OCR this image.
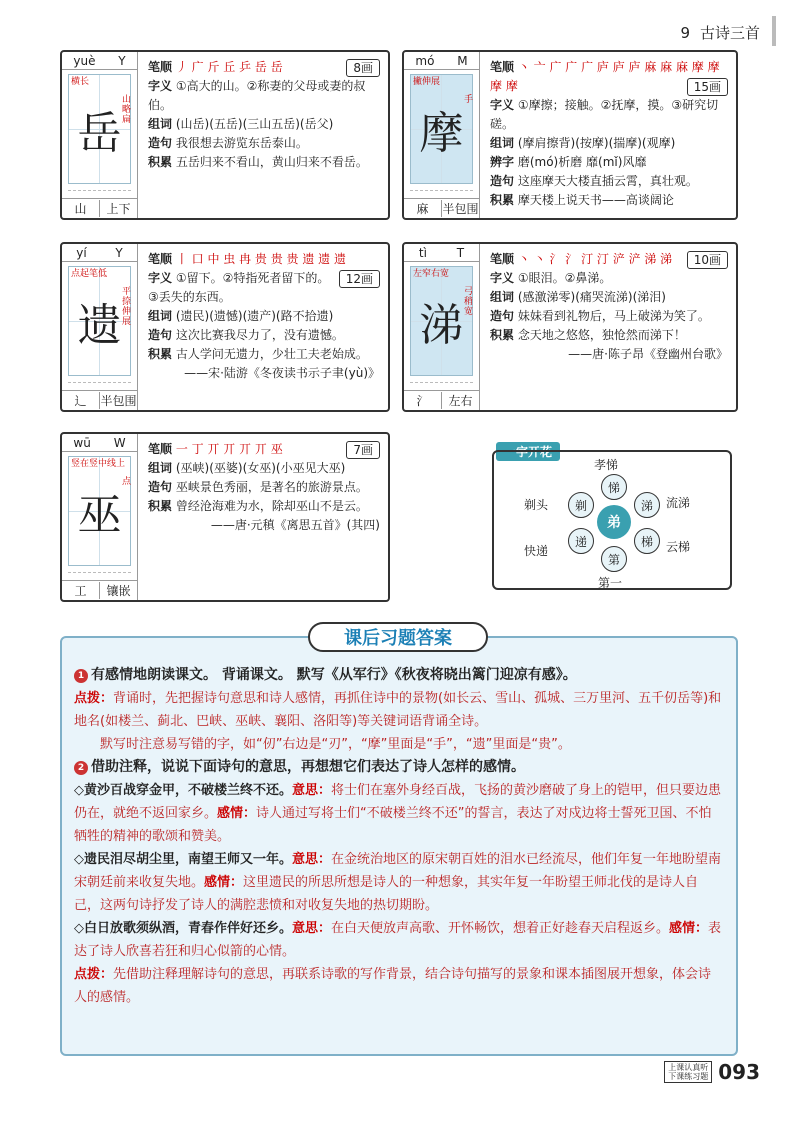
9 古诗三首
yuè Y
岳
山略扁
横长
山	上下
笔顺 丿 广 斤 丘 乒 岳 岳	8画
字义 ①高大的山。②称妻的父母或妻的叔伯。
组词 (山岳)(五岳)(三山五岳)(岳父)
造句 我很想去游览东岳泰山。
积累 五岳归来不看山，黄山归来不看岳。
mó M
摩
手
撇伸展
麻	半包围
笔顺 丶 亠 广 广 广 庐 庐 庐 麻 麻 麻 摩 摩 摩 摩	15画
字义 ①摩擦；接触。②抚摩，摸。③研究切磋。
组词 (摩肩擦背)(按摩)(揣摩)(观摩)
辨字 磨(mó)析磨 靡(mǐ)风靡
造句 这座摩天大楼直插云霄，真壮观。
积累 摩天楼上说天书——高谈阔论
yí Y
遗
平捺伸展
点起笔低
辶	半包围
笔顺 丨 口 中 虫 冉 贵 贵 贵 遗 遗 遗
12画
字义 ①留下。②特指死者留下的。③丢失的东西。
组词 (遗民)(遗憾)(遗产)(路不拾遗)
造句 这次比赛我尽力了，没有遗憾。
积累 古人学问无遗力，少壮工夫老始成。
——宋·陆游《冬夜读书示子聿(yù)》
tì T
涕
弓稍宽
左窄右宽
氵	左右
笔顺 丶 丶 氵 氵 汀 汀 浐 浐 涕 涕	10画
字义 ①眼泪。②鼻涕。
组词 (感激涕零)(痛哭流涕)(涕泪)
造句 妹妹看到礼物后，马上破涕为笑了。
积累 念天地之悠悠，独怆然而涕下！
——唐·陈子昂《登幽州台歌》
wū W
巫
点
竖在竖中线上
工	镶嵌
笔顺 一 丁 丌 丌 丌 丌 巫	7画
组词 (巫峡)(巫婆)(女巫)(小巫见大巫)
造句 巫峡景色秀丽，是著名的旅游景点。
积累 曾经沧海难为水，除却巫山不是云。
——唐·元稹《离思五首》(其四)
一字开花
弟
悌
涕
梯
第
递
剃
孝悌
流涕
云梯
第一
快递
剃头
1 有感情地朗读课文。 背诵课文。 默写《从军行》《秋夜将晓出篱门迎凉有感》。
点拨：背诵时，先把握诗句意思和诗人感情，再抓住诗中的景物(如长云、雪山、孤城、三万里河、五千仞岳等)和地名(如楼兰、蓟北、巴峡、巫峡、襄阳、洛阳等)等关键词语背诵全诗。
默写时注意易写错的字，如“仞”右边是“刃”，“摩”里面是“手”，“遗”里面是“贵”。
2 借助注释，说说下面诗句的意思，再想想它们表达了诗人怎样的感情。
◇黄沙百战穿金甲，不破楼兰终不还。意思：将士们在塞外身经百战，飞扬的黄沙磨破了身上的铠甲，但只要边患仍在，就绝不返回家乡。感情：诗人通过写将士们“不破楼兰终不还”的誓言，表达了对戍边将士誓死卫国、不怕牺牲的精神的歌颂和赞美。
◇遗民泪尽胡尘里，南望王师又一年。意思：在金统治地区的原宋朝百姓的泪水已经流尽，他们年复一年地盼望南宋朝廷前来收复失地。感情：这里遗民的所思所想是诗人的一种想象，其实年复一年盼望王师北伐的是诗人自己，这两句诗抒发了诗人的满腔悲愤和对收复失地的热切期盼。
◇白日放歌须纵酒，青春作伴好还乡。意思：在白天便放声高歌、开怀畅饮，想着正好趁春天启程返乡。感情：表达了诗人欣喜若狂和归心似箭的心情。
点拨：先借助注释理解诗句的意思，再联系诗歌的写作背景，结合诗句描写的景象和课本插图展开想象，体会诗人的感情。
课后习题答案
上课认真听
下课练习题 093
